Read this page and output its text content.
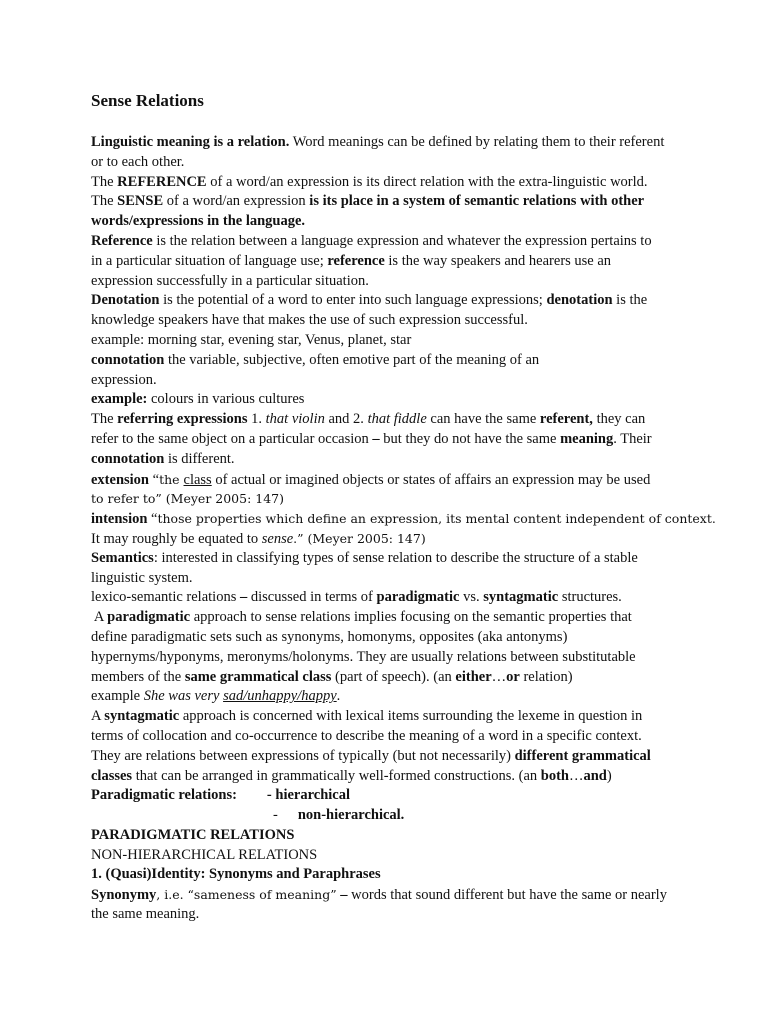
Sense Relations
Linguistic meaning is a relation. Word meanings can be defined by relating them to their referent
or to each other.
The REFERENCE of a word/an expression is its direct relation with the extra-linguistic world.
The SENSE of a word/an expression is its place in a system of semantic relations with other
words/expressions in the language.
Reference is the relation between a language expression and whatever the expression pertains to
in a particular situation of language use; reference is the way speakers and hearers use an
expression successfully in a particular situation.
Denotation is the potential of a word to enter into such language expressions; denotation is the
knowledge speakers have that makes the use of such expression successful.
example: morning star, evening star, Venus, planet, star
connotation the variable, subjective, often emotive part of the meaning of an
expression.
example: colours in various cultures
The referring expressions 1. that violin and 2. that fiddle can have the same referent, they can
refer to the same object on a particular occasion – but they do not have the same meaning. Their
connotation is different.
extension “the class of actual or imagined objects or states of affairs an expression may be used
to refer to” (Meyer 2005: 147)
intension “those properties which define an expression, its mental content independent of context.
It may roughly be equated to sense.” (Meyer 2005: 147)
Semantics: interested in classifying types of sense relation to describe the structure of a stable
linguistic system.
lexico-semantic relations – discussed in terms of paradigmatic vs. syntagmatic structures.
A paradigmatic approach to sense relations implies focusing on the semantic properties that
define paradigmatic sets such as synonyms, homonyms, opposites (aka antonyms)
hypernyms/hyponyms, meronyms/holonyms. They are usually relations between substitutable
members of the same grammatical class (part of speech). (an either…or relation)
example She was very sad/unhappy/happy.
A syntagmatic approach is concerned with lexical items surrounding the lexeme in question in
terms of collocation and co-occurrence to describe the meaning of a word in a specific context.
They are relations between expressions of typically (but not necessarily) different grammatical
classes that can be arranged in grammatically well-formed constructions. (an both…and)
Paradigmatic relations: - hierarchical
- non-hierarchical.
PARADIGMATIC RELATIONS
NON-HIERARCHICAL RELATIONS
1. (Quasi)Identity: Synonyms and Paraphrases
Synonymy, i.e. “sameness of meaning” – words that sound different but have the same or nearly
the same meaning.
